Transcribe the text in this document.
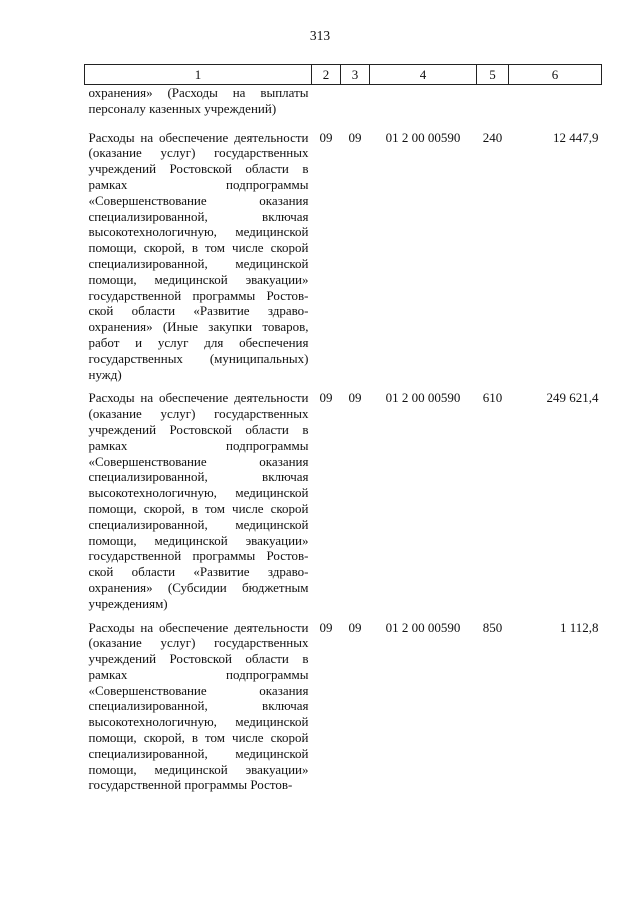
313
1	2	3	4	5	6
охранения» (Расходы на выплаты персоналу казенных учреждений)					
Расходы на обеспечение деятельности (оказание услуг) государственных учреждений Ростовской области в рамках подпрограммы «Совершенствование оказания специализированной, включая высокотехнологичную, медицинской помощи, скорой, в том числе скорой специализированной, медицинской помощи, медицинской эвакуации» государственной программы Ростовской области «Развитие здравоохранения» (Иные закупки товаров, работ и услуг для обеспечения государственных (муниципальных) нужд)	09	09	01 2 00 00590	240	12 447,9
Расходы на обеспечение деятельности (оказание услуг) государственных учреждений Ростовской области в рамках подпрограммы «Совершенствование оказания специализированной, включая высокотехнологичную, медицинской помощи, скорой, в том числе скорой специализированной, медицинской помощи, медицинской эвакуации» государственной программы Ростовской области «Развитие здравоохранения» (Субсидии бюджетным учреждениям)	09	09	01 2 00 00590	610	249 621,4
Расходы на обеспечение деятельности (оказание услуг) государственных учреждений Ростовской области в рамках подпрограммы «Совершенствование оказания специализированной, включая высокотехнологичную, медицинской помощи, скорой, в том числе скорой специализированной, медицинской помощи, медицинской эвакуации» государственной программы Ростов-	09	09	01 2 00 00590	850	1 112,8
